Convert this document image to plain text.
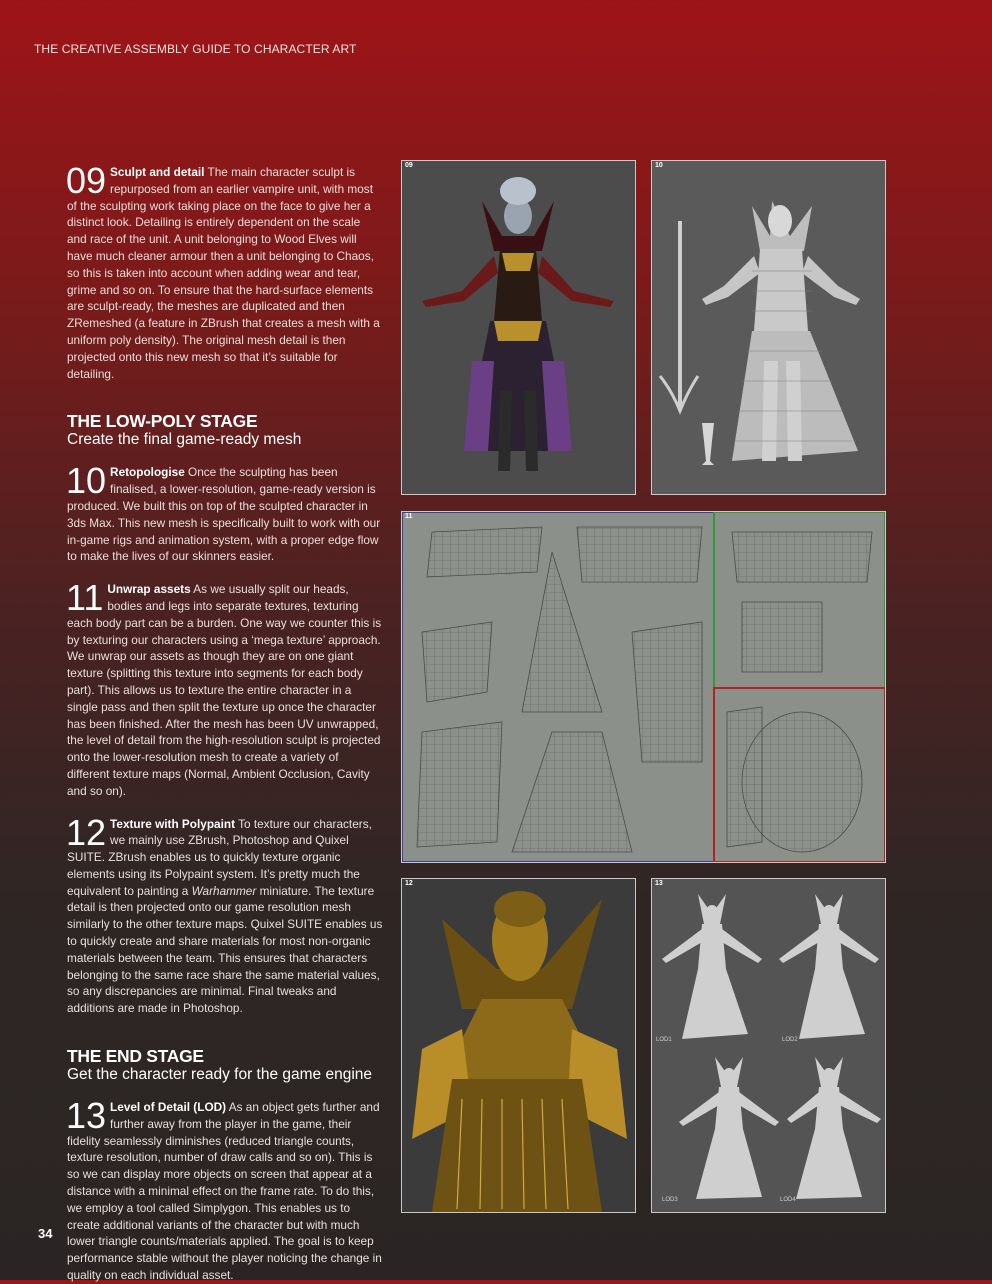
THE CREATIVE ASSEMBLY GUIDE TO CHARACTER ART

09 Sculpt and detail The main character sculpt is repurposed from an earlier vampire unit, with most of the sculpting work taking place on the face to give her a distinct look. Detailing is entirely dependent on the scale and race of the unit. A unit belonging to Wood Elves will have much cleaner armour then a unit belonging to Chaos, so this is taken into account when adding wear and tear, grime and so on. To ensure that the hard-surface elements are sculpt-ready, the meshes are duplicated and then ZRemeshed (a feature in ZBrush that creates a mesh with a uniform poly density). The original mesh detail is then projected onto this new mesh so that it’s suitable for detailing.

THE LOW-POLY STAGE

Create the final game-ready mesh

10 Retopologise Once the sculpting has been finalised, a lower-resolution, game-ready version is produced. We built this on top of the sculpted character in 3ds Max. This new mesh is specifically built to work with our in-game rigs and animation system, with a proper edge flow to make the lives of our skinners easier.

11 Unwrap assets As we usually split our heads, bodies and legs into separate textures, texturing each body part can be a burden. One way we counter this is by texturing our characters using a ‘mega texture’ approach. We unwrap our assets as though they are on one giant texture (splitting this texture into segments for each body part). This allows us to texture the entire character in a single pass and then split the texture up once the character has been finished. After the mesh has been UV unwrapped, the level of detail from the high-resolution sculpt is projected onto the lower-resolution mesh to create a variety of different texture maps (Normal, Ambient Occlusion, Cavity and so on).

12 Texture with Polypaint To texture our characters, we mainly use ZBrush, Photoshop and Quixel SUITE. ZBrush enables us to quickly texture organic elements using its Polypaint system. It’s pretty much the equivalent to painting a Warhammer miniature. The texture detail is then projected onto our game resolution mesh similarly to the other texture maps. Quixel SUITE enables us to quickly create and share materials for most non-organic materials between the team. This ensures that characters belonging to the same race share the same material values, so any discrepancies are minimal. Final tweaks and additions are made in Photoshop.

THE END STAGE

Get the character ready for the game engine

13 Level of Detail (LOD) As an object gets further and further away from the player in the game, their fidelity seamlessly diminishes (reduced triangle counts, texture resolution, number of draw calls and so on). This is so we can display more objects on screen that appear at a distance with a minimal effect on the frame rate. To do this, we employ a tool called Simplygon. This enables us to create additional variants of the character but with much lower triangle counts/materials applied. The goal is to keep performance stable without the player noticing the change in quality on each individual asset.

09	10
11
12	13
LOD1	LOD2
LOD3	LOD4
34
